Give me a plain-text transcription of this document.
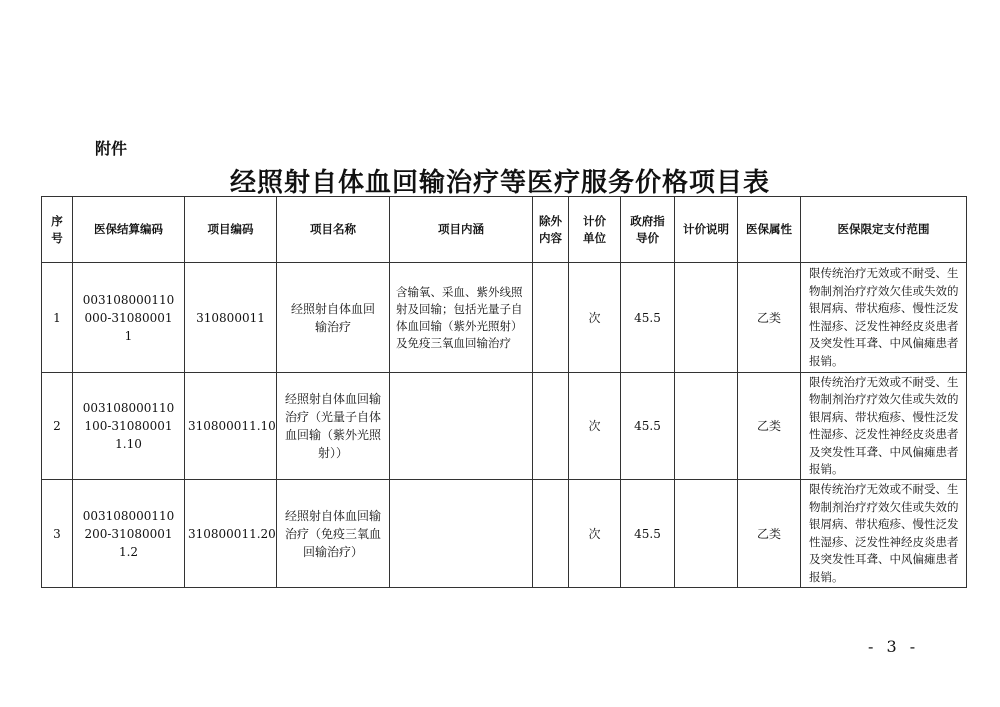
附件
经照射自体血回输治疗等医疗服务价格项目表
序号	医保结算编码	项目编码	项目名称	项目内涵	除外内容	计价单位	政府指导价	计价说明	医保属性	医保限定支付范围
1	003108000110000-310800011	310800011	经照射自体血回输治疗	含输氧、采血、紫外线照射及回输；包括光量子自体血回输（紫外光照射）及免疫三氧血回输治疗		次	45.5		乙类	限传统治疗无效或不耐受、生物制剂治疗疗效欠佳或失效的银屑病、带状疱疹、慢性泛发性湿疹、泛发性神经皮炎患者及突发性耳聋、中风偏瘫患者报销。
2	003108000110100-310800011.10	310800011.10	经照射自体血回输治疗（光量子自体血回输（紫外光照射））			次	45.5		乙类	限传统治疗无效或不耐受、生物制剂治疗疗效欠佳或失效的银屑病、带状疱疹、慢性泛发性湿疹、泛发性神经皮炎患者及突发性耳聋、中风偏瘫患者报销。
3	003108000110200-310800011.2	310800011.20	经照射自体血回输治疗（免疫三氧血回输治疗）			次	45.5		乙类	限传统治疗无效或不耐受、生物制剂治疗疗效欠佳或失效的银屑病、带状疱疹、慢性泛发性湿疹、泛发性神经皮炎患者及突发性耳聋、中风偏瘫患者报销。
- 3 -
